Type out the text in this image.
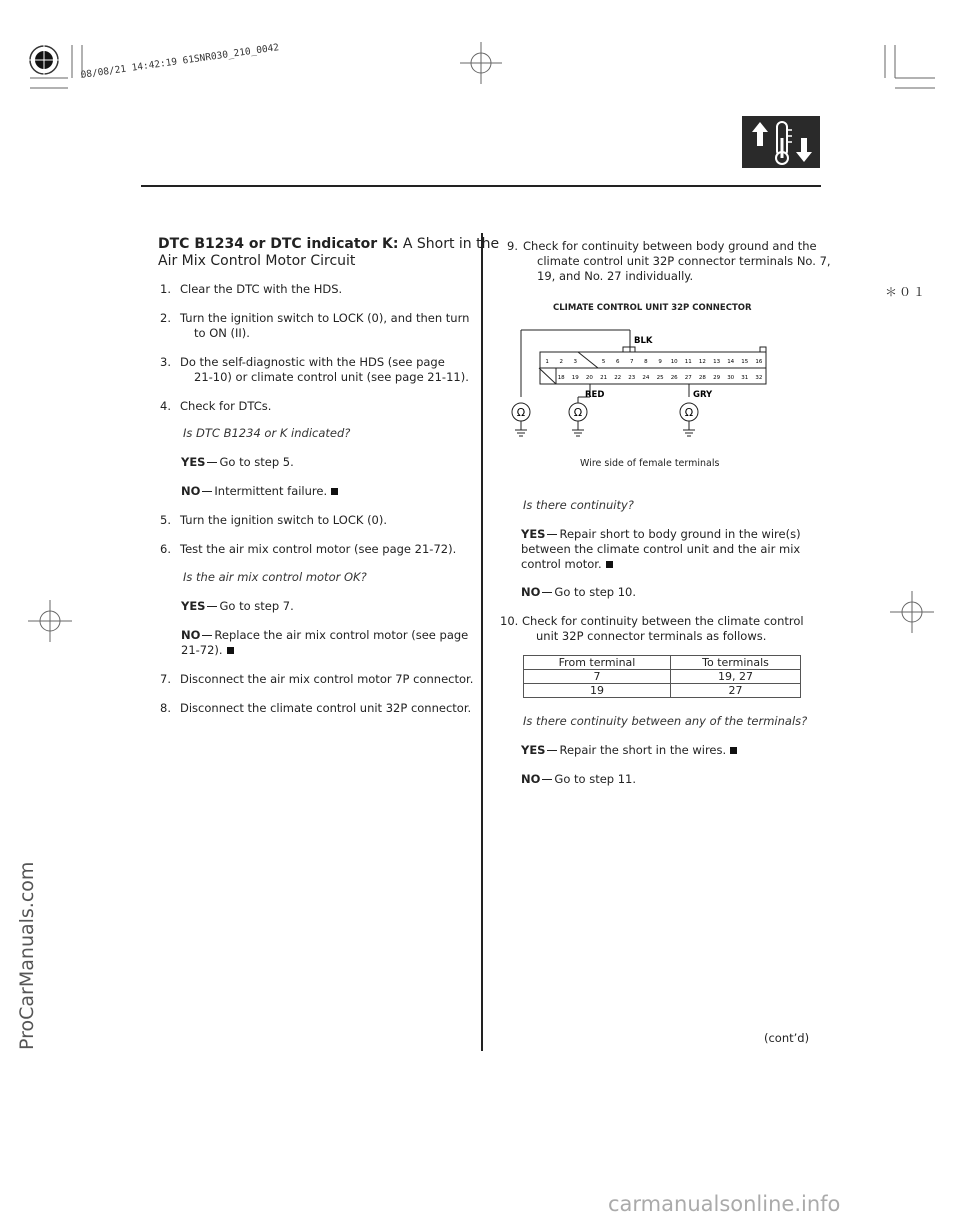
08/08/21 14:42:19 61SNR030_210_0042
＊０１
DTC B1234 or DTC indicator K: A Short in the
Air Mix Control Motor Circuit
1. Clear the DTC with the HDS.
2. Turn the ignition switch to LOCK (0), and then turn
to ON (II).
3. Do the self-diagnostic with the HDS (see page
21-10) or climate control unit (see page 21-11).
4. Check for DTCs.
Is DTC B1234 or K indicated?
YES Go to step 5.
NO Intermittent failure.
5. Turn the ignition switch to LOCK (0).
6. Test the air mix control motor (see page 21-72).
Is the air mix control motor OK?
YES Go to step 7.
NO Replace the air mix control motor (see page
21-72).
7. Disconnect the air mix control motor 7P connector.
8. Disconnect the climate control unit 32P connector.
9. Check for continuity between body ground and the
climate control unit 32P connector terminals No. 7,
19, and No. 27 individually.
CLIMATE CONTROL UNIT 32P CONNECTOR
Ω	Ω	Ω
BLK
RED	GRY
1 2 3	5 6 7 8 9 10 11 12 13 14 15 16
18 19 20 21 22 23 24 25 26 27 28 29 30 31 32
Wire side of female terminals
Is there continuity?
YES Repair short to body ground in the wire(s)
between the climate control unit and the air mix
control motor.
NO Go to step 10.
10. Check for continuity between the climate control
unit 32P connector terminals as follows.
From terminal	To terminals
7	19, 27
19	27
Is there continuity between any of the terminals?
YES Repair the short in the wires.
NO Go to step 11.
(cont’d)
ProCarManuals.com
carmanualsonline.info
